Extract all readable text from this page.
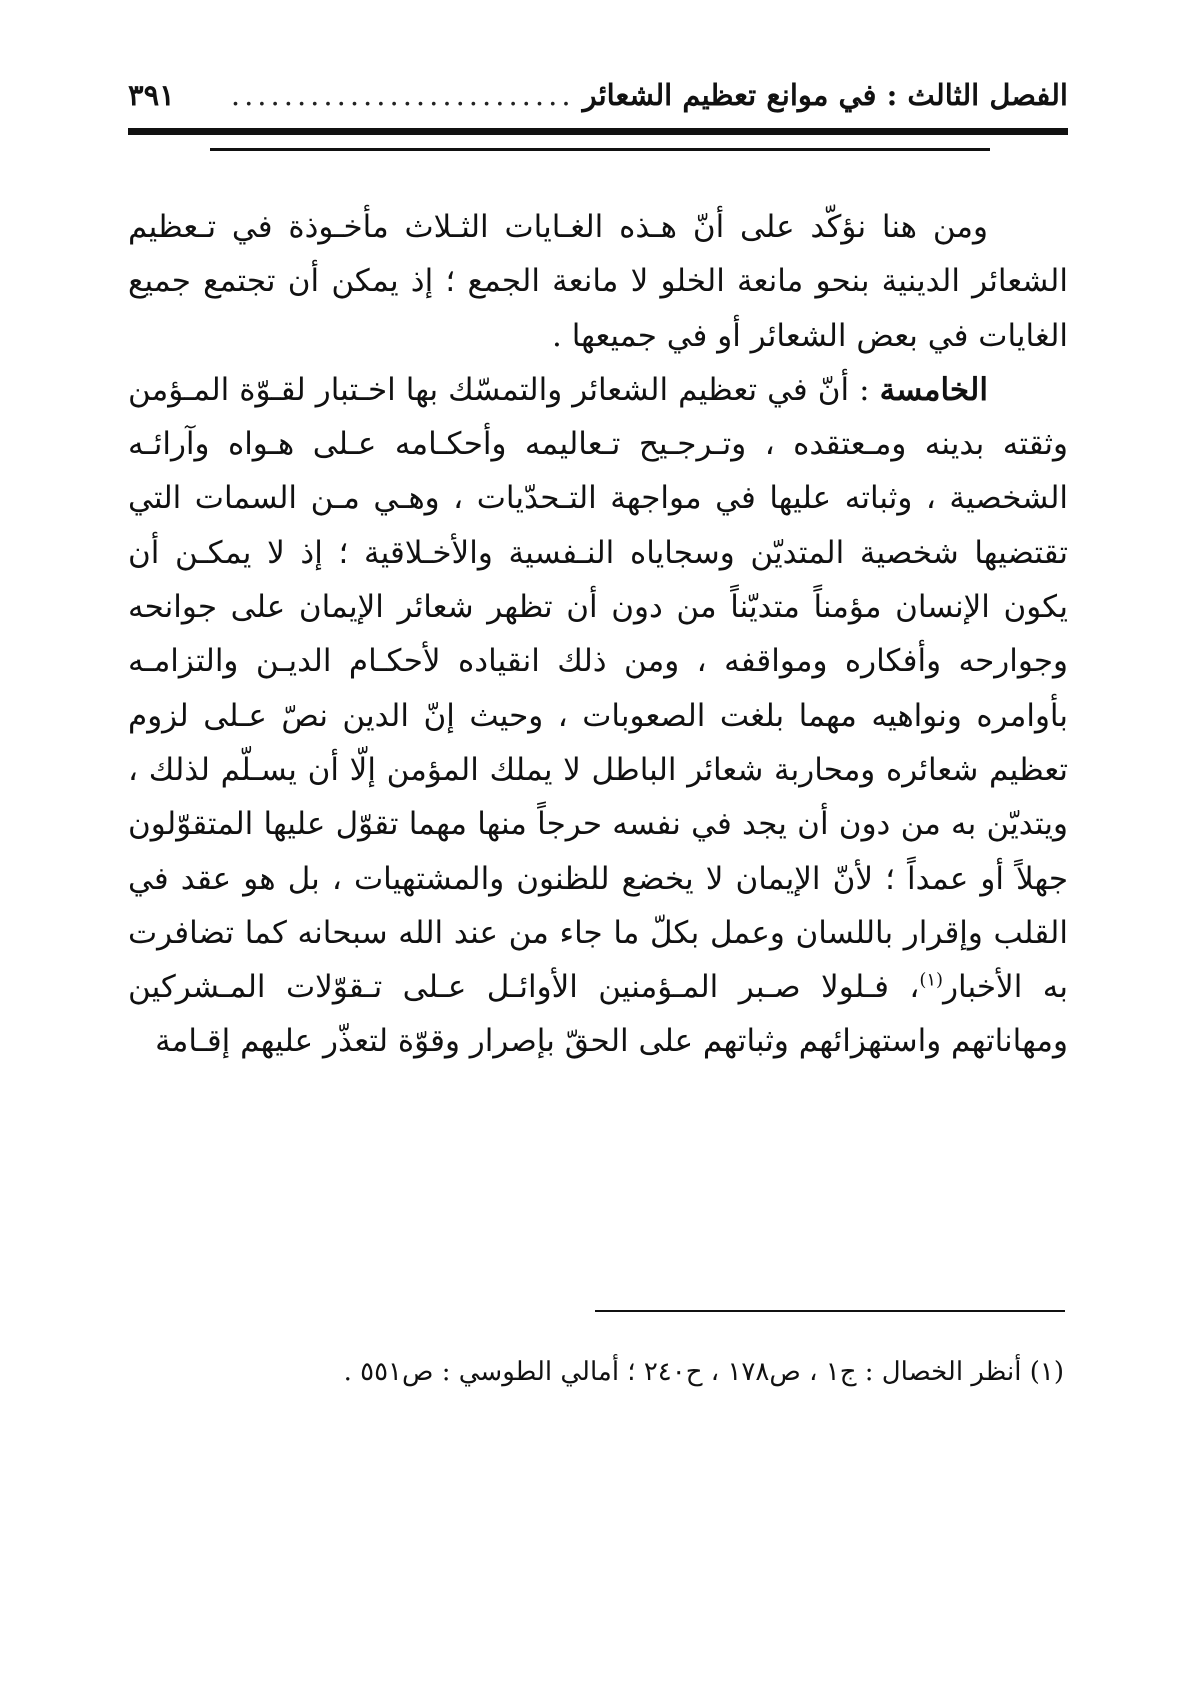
الفصل الثالث : في موانع تعظيم الشعائر
..........................
٣٩١

ومن هنا نؤكّد على أنّ هـذه الغـايات الثـلاث مأخـوذة في تـعظيم الشعائر الدينية بنحو مانعة الخلو لا مانعة الجمع ؛ إذ يمكن أن تجتمع جميع الغايات في بعض الشعائر أو في جميعها .

الخامسة : أنّ في تعظيم الشعائر والتمسّك بها اخـتبار لقـوّة المـؤمن وثقته بدينه ومـعتقده ، وتـرجـيح تـعاليمه وأحكـامه عـلى هـواه وآرائـه الشخصية ، وثباته عليها في مواجهة التـحدّيات ، وهـي مـن السمات التي تقتضيها شخصية المتديّن وسجاياه النـفسية والأخـلاقية ؛ إذ لا يمكـن أن يكون الإنسان مؤمناً متديّناً من دون أن تظهر شعائر الإيمان على جوانحه وجوارحه وأفكاره ومواقفه ، ومن ذلك انقياده لأحكـام الديـن والتزامـه بأوامره ونواهيه مهما بلغت الصعوبات ، وحيث إنّ الدين نصّ عـلى لزوم تعظيم شعائره ومحاربة شعائر الباطل لا يملك المؤمن إلّا أن يسـلّم لذلك ، ويتديّن به من دون أن يجد في نفسه حرجاً منها مهما تقوّل عليها المتقوّلون جهلاً أو عمداً ؛ لأنّ الإيمان لا يخضع للظنون والمشتهيات ، بل هو عقد في القلب وإقرار باللسان وعمل بكلّ ما جاء من عند الله سبحانه كما تضافرت به الأخبار$^{(١)}$، فـلولا صـبر المـؤمنين الأوائـل عـلى تـقوّلات المـشركين ومهاناتهم واستهزائهم وثباتهم على الحقّ بإصرار وقوّة لتعذّر عليهم إقـامة

(١) أنظر الخصال : ج١ ، ص١٧٨ ، ح٢٤٠ ؛ أمالي الطوسي : ص٥٥١ .
